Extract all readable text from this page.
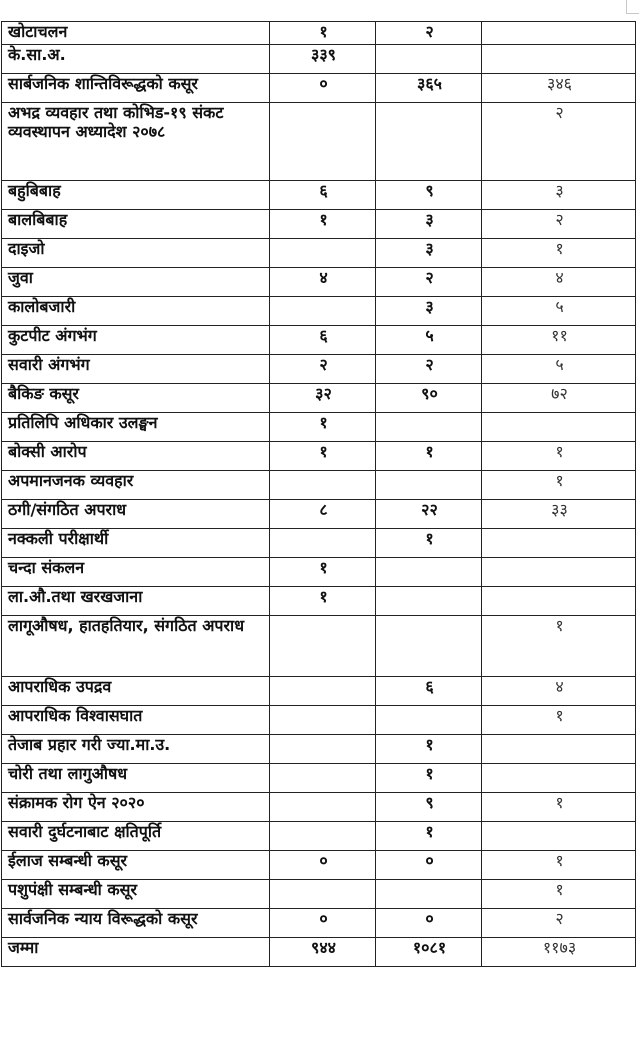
खोटाचलन	१	२	
के.सा.अ.	३३९		
सार्बजनिक शान्तिविरूद्धको कसूर	०	३६५	३४६
अभद्र व्यवहार तथा कोभिड-१९ संकट व्यवस्थापन अध्यादेश २०७८			२
बहुबिबाह	६	९	३
बालबिबाह	१	३	२
दाइजो		३	१
जुवा	४	२	४
कालोबजारी		३	५
कुटपीट अंगभंग	६	५	११
सवारी अंगभंग	२	२	५
बैकिङ कसूर	३२	९०	७२
प्रतिलिपि अधिकार उलङ्घन	१		
बोक्सी आरोप	१	१	१
अपमानजनक व्यवहार			१
ठगी/संगठित अपराध	८	२२	३३
नक्कली परीक्षार्थी		१	
चन्दा संकलन	१		
ला.औ.तथा खरखजाना	१		
लागूऔषध, हातहतियार, संगठित अपराध			१
आपराधिक उपद्रव		६	४
आपराधिक विश्वासघात			१
तेजाब प्रहार गरी ज्या.मा.उ.		१	
चोरी तथा लागुऔषध		१	
संक्रामक रोग ऐन २०२०		९	१
सवारी दुर्घटनाबाट क्षतिपूर्ति		१	
ईलाज सम्बन्धी कसूर	०	०	१
पशुपंक्षी सम्बन्धी कसूर			१
सार्वजनिक न्याय विरूद्धको कसूर	०	०	२
जम्मा	९४४	१०८१	११७३
